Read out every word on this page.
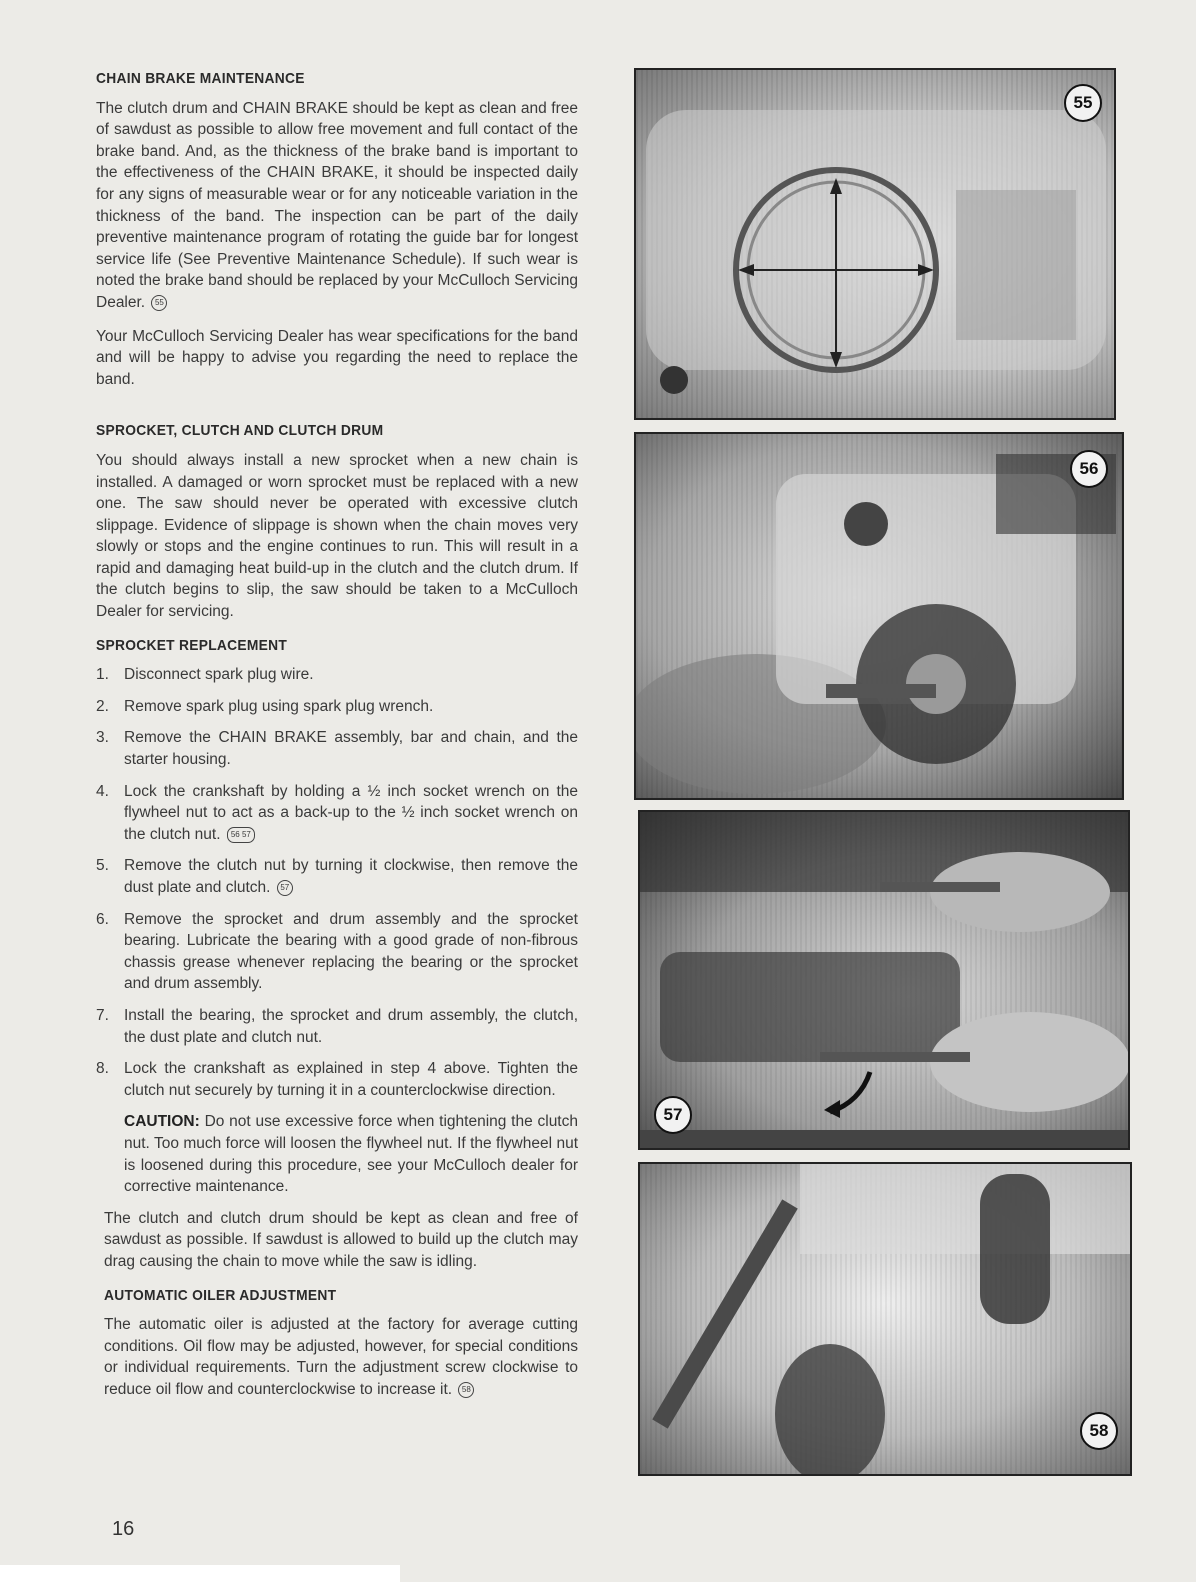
CHAIN BRAKE MAINTENANCE

The clutch drum and CHAIN BRAKE should be kept as clean and free of sawdust as possible to allow free movement and full contact of the brake band. And, as the thickness of the brake band is important to the effectiveness of the CHAIN BRAKE, it should be inspected daily for any signs of measurable wear or for any noticeable variation in the thickness of the band. The inspection can be part of the daily preventive maintenance program of rotating the guide bar for longest service life (See Preventive Maintenance Schedule). If such wear is noted the brake band should be replaced by your McCulloch Servicing Dealer. 55

Your McCulloch Servicing Dealer has wear specifications for the band and will be happy to advise you regarding the need to replace the band.

SPROCKET, CLUTCH AND CLUTCH DRUM

You should always install a new sprocket when a new chain is installed. A damaged or worn sprocket must be replaced with a new one. The saw should never be operated with excessive clutch slippage. Evidence of slippage is shown when the chain moves very slowly or stops and the engine continues to run. This will result in a rapid and damaging heat build-up in the clutch and the clutch drum. If the clutch begins to slip, the saw should be taken to a McCulloch Dealer for servicing.

SPROCKET REPLACEMENT
1. Disconnect spark plug wire.
2. Remove spark plug using spark plug wrench.
3. Remove the CHAIN BRAKE assembly, bar and chain, and the starter housing.
4. Lock the crankshaft by holding a ½ inch socket wrench on the flywheel nut to act as a back-up to the ½ inch socket wrench on the clutch nut. 56 57
5. Remove the clutch nut by turning it clockwise, then remove the dust plate and clutch. 57
6. Remove the sprocket and drum assembly and the sprocket bearing. Lubricate the bearing with a good grade of non-fibrous chassis grease whenever replacing the bearing or the sprocket and drum assembly.
7. Install the bearing, the sprocket and drum assembly, the clutch, the dust plate and clutch nut.
8. Lock the crankshaft as explained in step 4 above. Tighten the clutch nut securely by turning it in a counterclockwise direction.

CAUTION: Do not use excessive force when tightening the clutch nut. Too much force will loosen the flywheel nut. If the flywheel nut is loosened during this procedure, see your McCulloch dealer for corrective maintenance.

The clutch and clutch drum should be kept as clean and free of sawdust as possible. If sawdust is allowed to build up the clutch may drag causing the chain to move while the saw is idling.

AUTOMATIC OILER ADJUSTMENT

The automatic oiler is adjusted at the factory for average cutting conditions. Oil flow may be adjusted, however, for special conditions or individual requirements. Turn the adjustment screw clockwise to reduce oil flow and counterclockwise to increase it. 58

16
55
56
57
58
